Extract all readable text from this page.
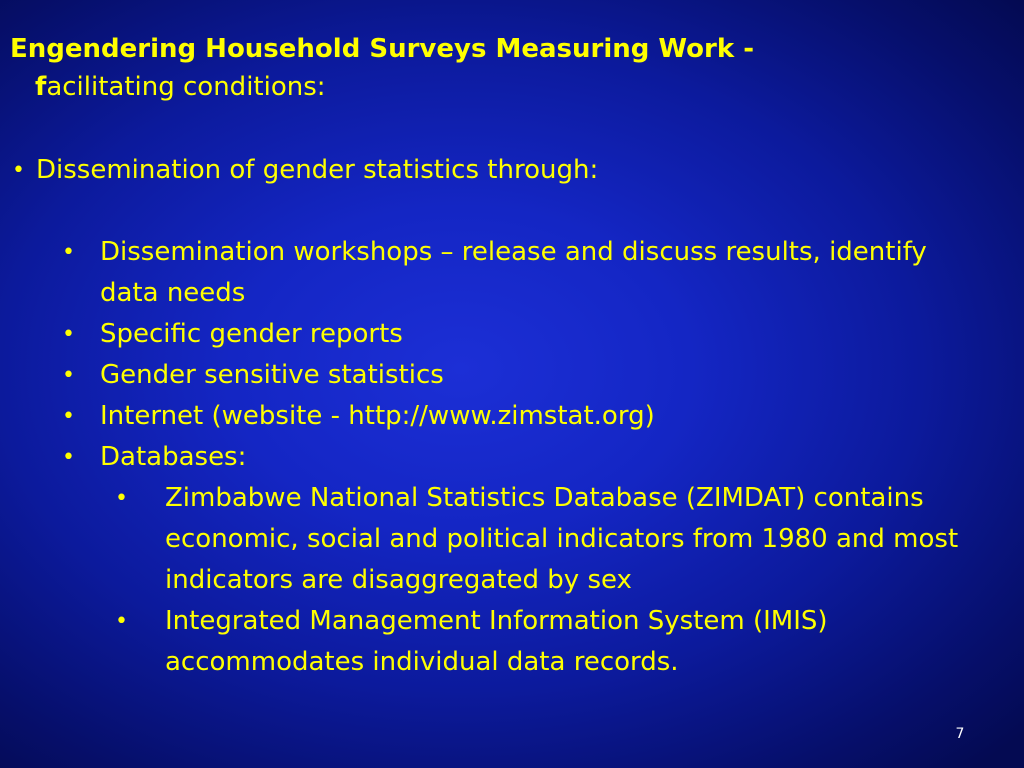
Engendering Household Surveys Measuring Work -
facilitating conditions:
• Dissemination of gender statistics through:
• Dissemination workshops – release and discuss results, identify data needs
• Specific gender reports
• Gender sensitive statistics
• Internet (website - http://www.zimstat.org)
• Databases:
•	Zimbabwe National Statistics Database (ZIMDAT) contains economic, social and political indicators from 1980 and most indicators are disaggregated by sex
•	Integrated Management Information System (IMIS) accommodates individual data records.
7
